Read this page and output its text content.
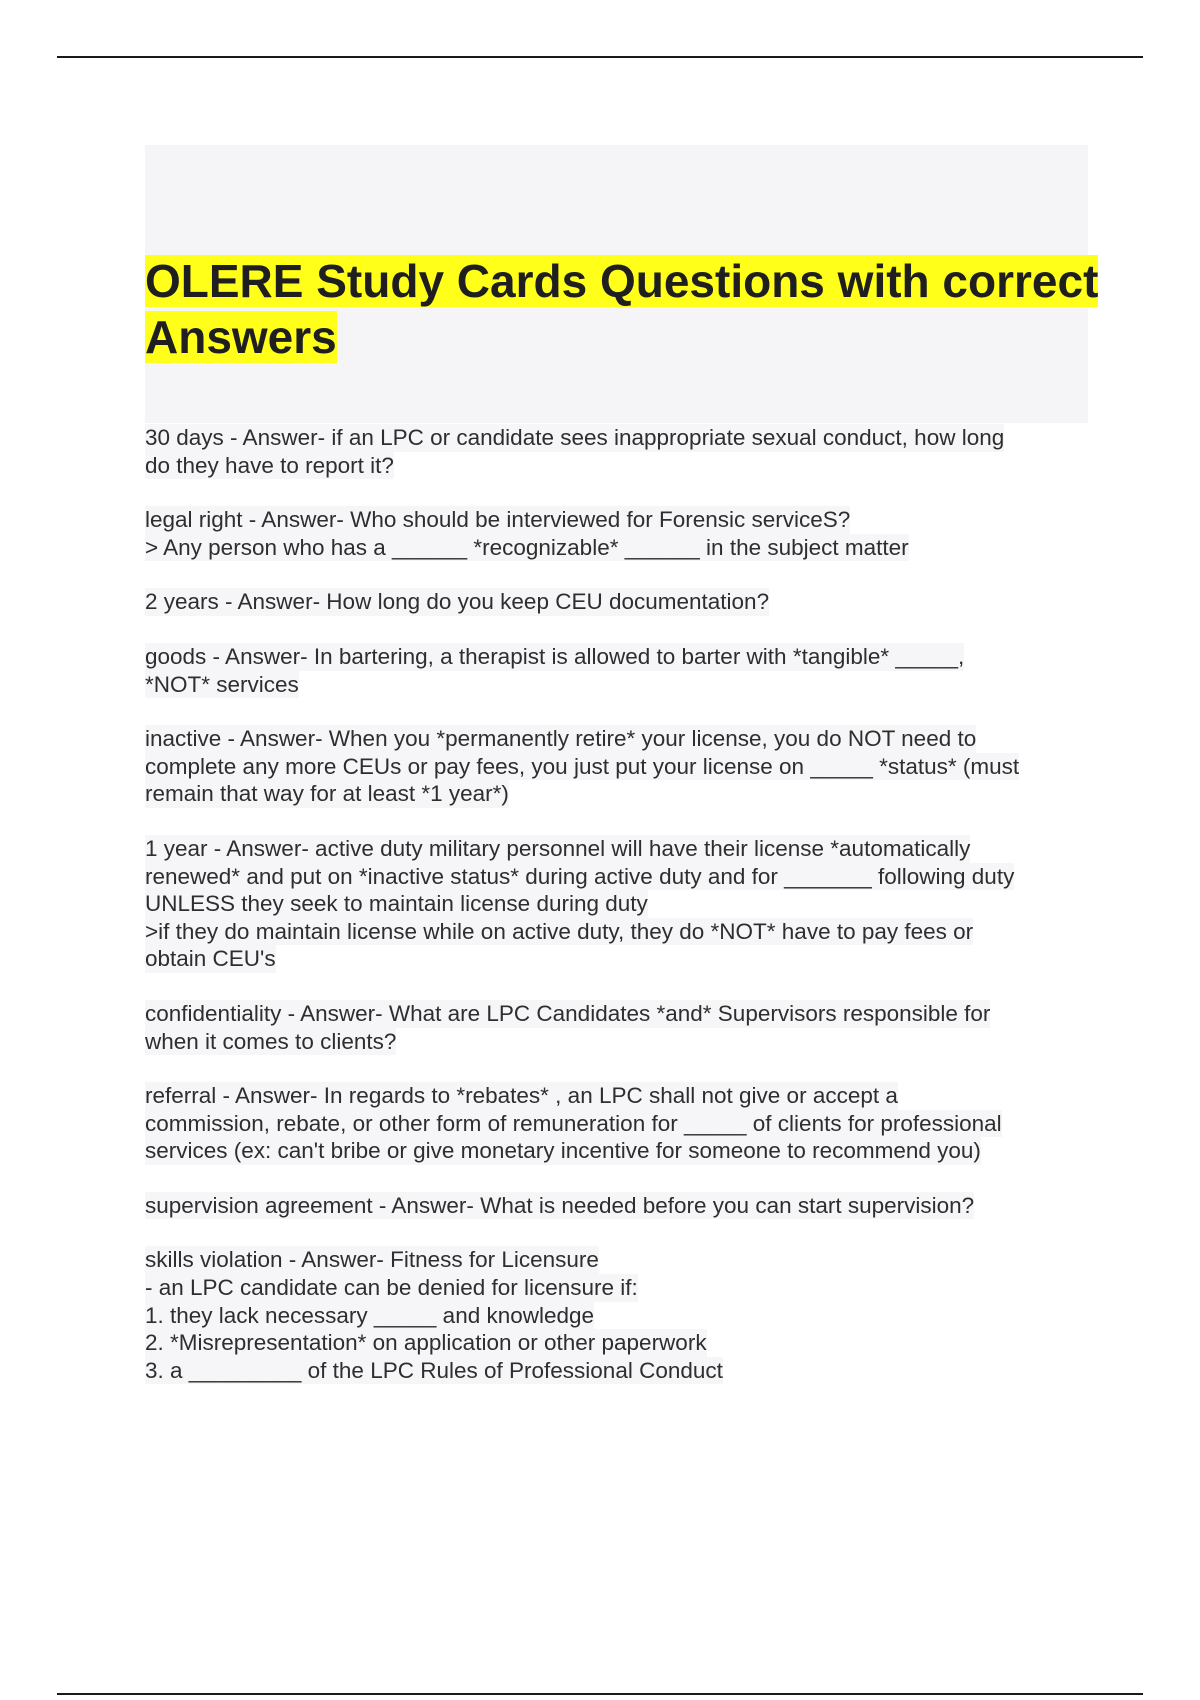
OLERE Study Cards Questions with correct Answers
30 days - Answer- if an LPC or candidate sees inappropriate sexual conduct, how long
do they have to report it?
legal right - Answer- Who should be interviewed for Forensic serviceS?
> Any person who has a ______ *recognizable* ______ in the subject matter
2 years - Answer- How long do you keep CEU documentation?
goods - Answer- In bartering, a therapist is allowed to barter with *tangible* _____,
*NOT* services
inactive - Answer- When you *permanently retire* your license, you do NOT need to
complete any more CEUs or pay fees, you just put your license on _____ *status* (must
remain that way for at least *1 year*)
1 year - Answer- active duty military personnel will have their license *automatically
renewed* and put on *inactive status* during active duty and for _______ following duty
UNLESS they seek to maintain license during duty
>if they do maintain license while on active duty, they do *NOT* have to pay fees or
obtain CEU's
confidentiality - Answer- What are LPC Candidates *and* Supervisors responsible for
when it comes to clients?
referral - Answer- In regards to *rebates* , an LPC shall not give or accept a
commission, rebate, or other form of remuneration for _____ of clients for professional
services (ex: can't bribe or give monetary incentive for someone to recommend you)
supervision agreement - Answer- What is needed before you can start supervision?
skills violation - Answer- Fitness for Licensure
- an LPC candidate can be denied for licensure if:
1. they lack necessary _____ and knowledge
2. *Misrepresentation* on application or other paperwork
3. a _________ of the LPC Rules of Professional Conduct
